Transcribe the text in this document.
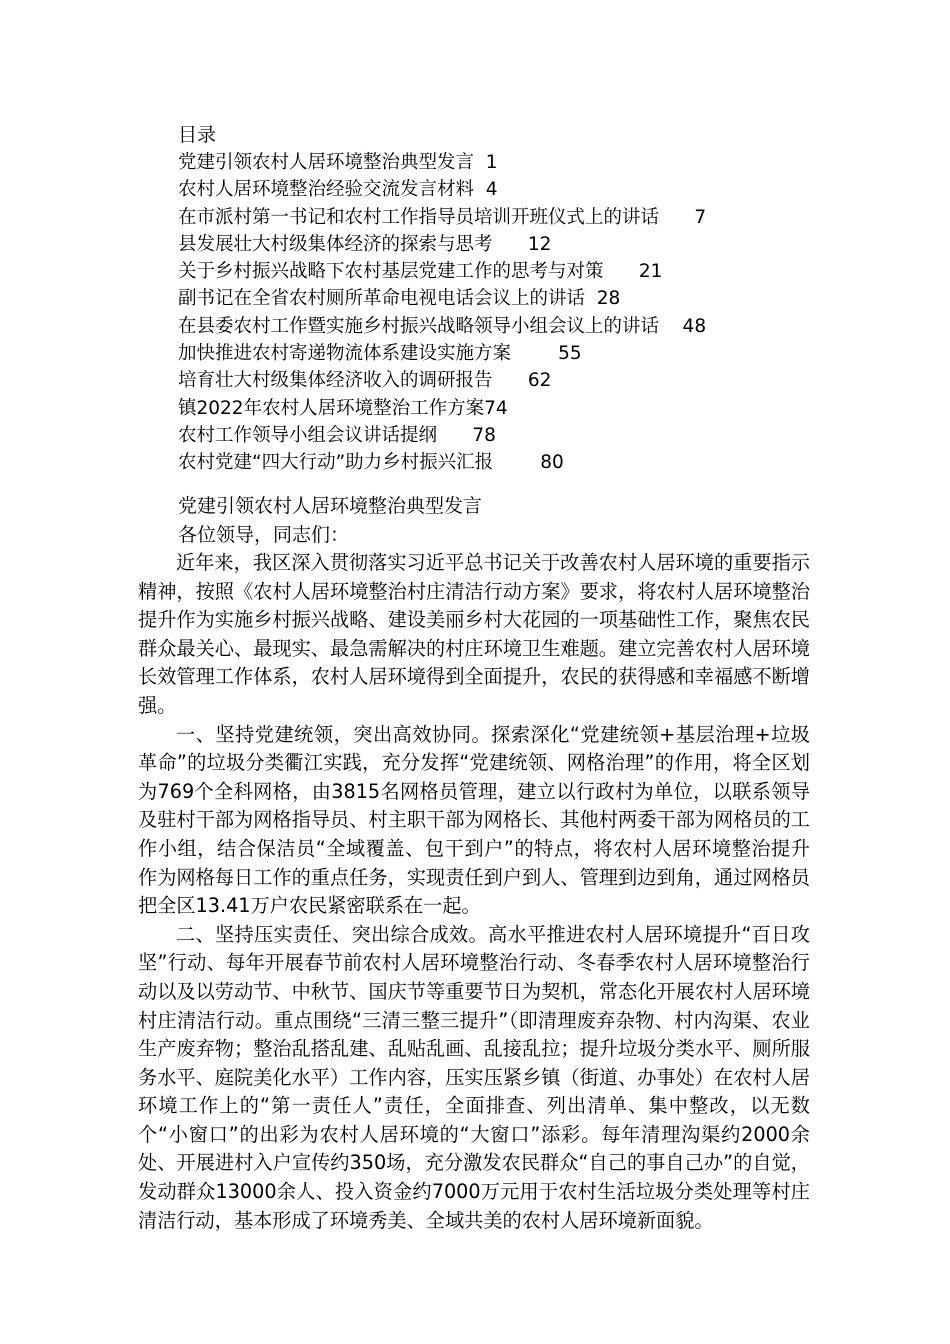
目录
党建引领农村人居环境整治典型发言 1
农村人居环境整治经验交流发言材料 4
在市派村第一书记和农村工作指导员培训开班仪式上的讲话 7
县发展壮大村级集体经济的探索与思考 12
关于乡村振兴战略下农村基层党建工作的思考与对策 21
副书记在全省农村厕所革命电视电话会议上的讲话 28
在县委农村工作暨实施乡村振兴战略领导小组会议上的讲话 48
加快推进农村寄递物流体系建设实施方案	55
培育壮大村级集体经济收入的调研报告 62
镇2022年农村人居环境整治工作方案74
农村工作领导小组会议讲话提纲 78
农村党建“四大行动”助力乡村振兴汇报	80
党建引领农村人居环境整治典型发言
各位领导，同志们：

近年来，我区深入贯彻落实习近平总书记关于改善农村人居环境的重要指示精神，按照《农村人居环境整治村庄清洁行动方案》要求，将农村人居环境整治提升作为实施乡村振兴战略、建设美丽乡村大花园的一项基础性工作，聚焦农民群众最关心、最现实、最急需解决的村庄环境卫生难题。建立完善农村人居环境长效管理工作体系，农村人居环境得到全面提升，农民的获得感和幸福感不断增强。

一、坚持党建统领，突出高效协同。探索深化“党建统领+基层治理+垃圾革命”的垃圾分类衢江实践，充分发挥“党建统领、网格治理”的作用，将全区划为769个全科网格，由3815名网格员管理，建立以行政村为单位，以联系领导及驻村干部为网格指导员、村主职干部为网格长、其他村两委干部为网格员的工作小组，结合保洁员“全域覆盖、包干到户”的特点，将农村人居环境整治提升作为网格每日工作的重点任务，实现责任到户到人、管理到边到角，通过网格员把全区13.41万户农民紧密联系在一起。

二、坚持压实责任、突出综合成效。高水平推进农村人居环境提升“百日攻坚”行动、每年开展春节前农村人居环境整治行动、冬春季农村人居环境整治行动以及以劳动节、中秋节、国庆节等重要节日为契机，常态化开展农村人居环境村庄清洁行动。重点围绕“三清三整三提升”（即清理废弃杂物、村内沟渠、农业生产废弃物；整治乱搭乱建、乱贴乱画、乱接乱拉；提升垃圾分类水平、厕所服务水平、庭院美化水平）工作内容，压实压紧乡镇（街道、办事处）在农村人居环境工作上的“第一责任人”责任，全面排查、列出清单、集中整改，以无数个“小窗口”的出彩为农村人居环境的“大窗口”添彩。每年清理沟渠约2000余处、开展进村入户宣传约350场，充分激发农民群众“自己的事自己办”的自觉，发动群众13000余人、投入资金约7000万元用于农村生活垃圾分类处理等村庄清洁行动，基本形成了环境秀美、全域共美的农村人居环境新面貌。
